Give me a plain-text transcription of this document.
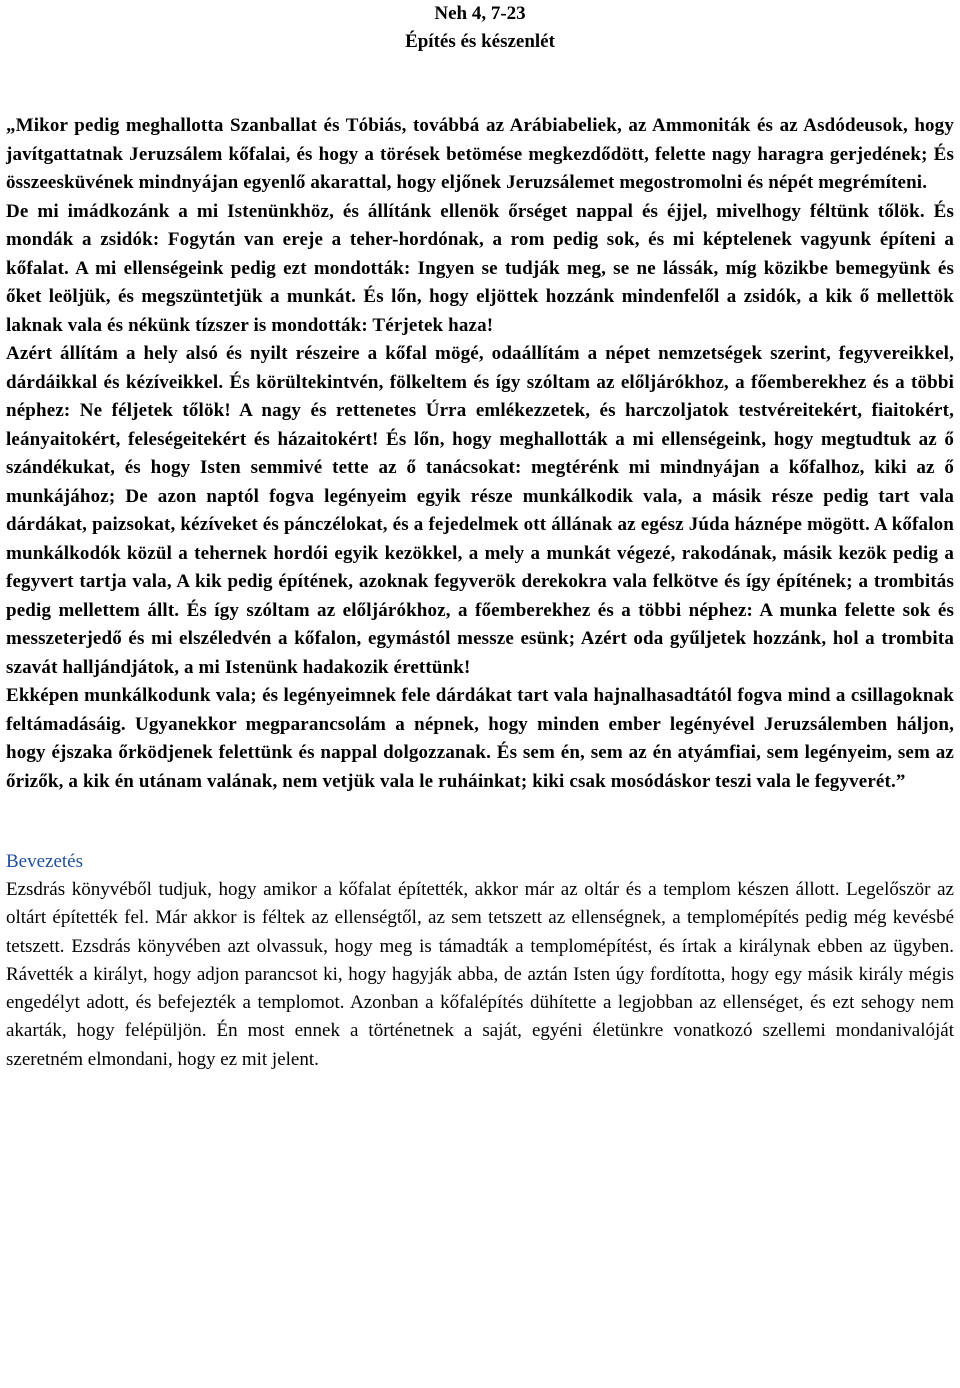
Neh 4, 7-23
Építés és készenlét

„Mikor pedig meghallotta Szanballat és Tóbiás, továbbá az Arábiabeliek, az Ammoniták és az Asdódeusok, hogy javítgattatnak Jeruzsálem kőfalai, és hogy a törések betömése megkezdődött, felette nagy haragra gerjedének; És összeesküvének mindnyájan egyenlő akarattal, hogy eljőnek Jeruzsálemet megostromolni és népét megrémíteni.

De mi imádkozánk a mi Istenünkhöz, és állítánk ellenök őrséget nappal és éjjel, mivelhogy féltünk tőlök. És mondák a zsidók: Fogytán van ereje a teher-hordónak, a rom pedig sok, és mi képtelenek vagyunk építeni a kőfalat. A mi ellenségeink pedig ezt mondották: Ingyen se tudják meg, se ne lássák, míg közikbe bemegyünk és őket leöljük, és megszüntetjük a munkát. És lőn, hogy eljöttek hozzánk mindenfelől a zsidók, a kik ő mellettök laknak vala és nékünk tízszer is mondották: Térjetek haza!

Azért állítám a hely alsó és nyilt részeire a kőfal mögé, odaállítám a népet nemzetségek szerint, fegyvereikkel, dárdáikkal és kézíveikkel. És körültekintvén, fölkeltem és így szóltam az előljárókhoz, a főemberekhez és a többi néphez: Ne féljetek tőlök! A nagy és rettenetes Úrra emlékezzetek, és harczoljatok testvéreitekért, fiaitokért, leányaitokért, feleségeitekért és házaitokért! És lőn, hogy meghallották a mi ellenségeink, hogy megtudtuk az ő szándékukat, és hogy Isten semmivé tette az ő tanácsokat: megtérénk mi mindnyájan a kőfalhoz, kiki az ő munkájához; De azon naptól fogva legényeim egyik része munkálkodik vala, a másik része pedig tart vala dárdákat, paizsokat, kézíveket és pánczélokat, és a fejedelmek ott állának az egész Júda háznépe mögött. A kőfalon munkálkodók közül a tehernek hordói egyik kezökkel, a mely a munkát végezé, rakodának, másik kezök pedig a fegyvert tartja vala, A kik pedig építének, azoknak fegyverök derekokra vala felkötve és így építének; a trombitás pedig mellettem állt. És így szóltam az előljárókhoz, a főemberekhez és a többi néphez: A munka felette sok és messzeterjedő és mi elszéledvén a kőfalon, egymástól messze esünk; Azért oda gyűljetek hozzánk, hol a trombita szavát halljándjátok, a mi Istenünk hadakozik érettünk!

Ekképen munkálkodunk vala; és legényeimnek fele dárdákat tart vala hajnalhasadtától fogva mind a csillagoknak feltámadásáig. Ugyanekkor megparancsolám a népnek, hogy minden ember legényével Jeruzsálemben háljon, hogy éjszaka őrködjenek felettünk és nappal dolgozzanak. És sem én, sem az én atyámfiai, sem legényeim, sem az őrizők, a kik én utánam valának, nem vetjük vala le ruháinkat; kiki csak mosódáskor teszi vala le fegyverét.”

Bevezetés

Ezsdrás könyvéből tudjuk, hogy amikor a kőfalat építették, akkor már az oltár és a templom készen állott. Legelőször az oltárt építették fel. Már akkor is féltek az ellenségtől, az sem tetszett az ellenségnek, a templomépítés pedig még kevésbé tetszett. Ezsdrás könyvében azt olvassuk, hogy meg is támadták a templomépítést, és írtak a királynak ebben az ügyben. Rávették a királyt, hogy adjon parancsot ki, hogy hagyják abba, de aztán Isten úgy fordította, hogy egy másik király mégis engedélyt adott, és befejezték a templomot. Azonban a kőfalépítés dühítette a legjobban az ellenséget, és ezt sehogy nem akarták, hogy felépüljön. Én most ennek a történetnek a saját, egyéni életünkre vonatkozó szellemi mondanivalóját szeretném elmondani, hogy ez mit jelent.
